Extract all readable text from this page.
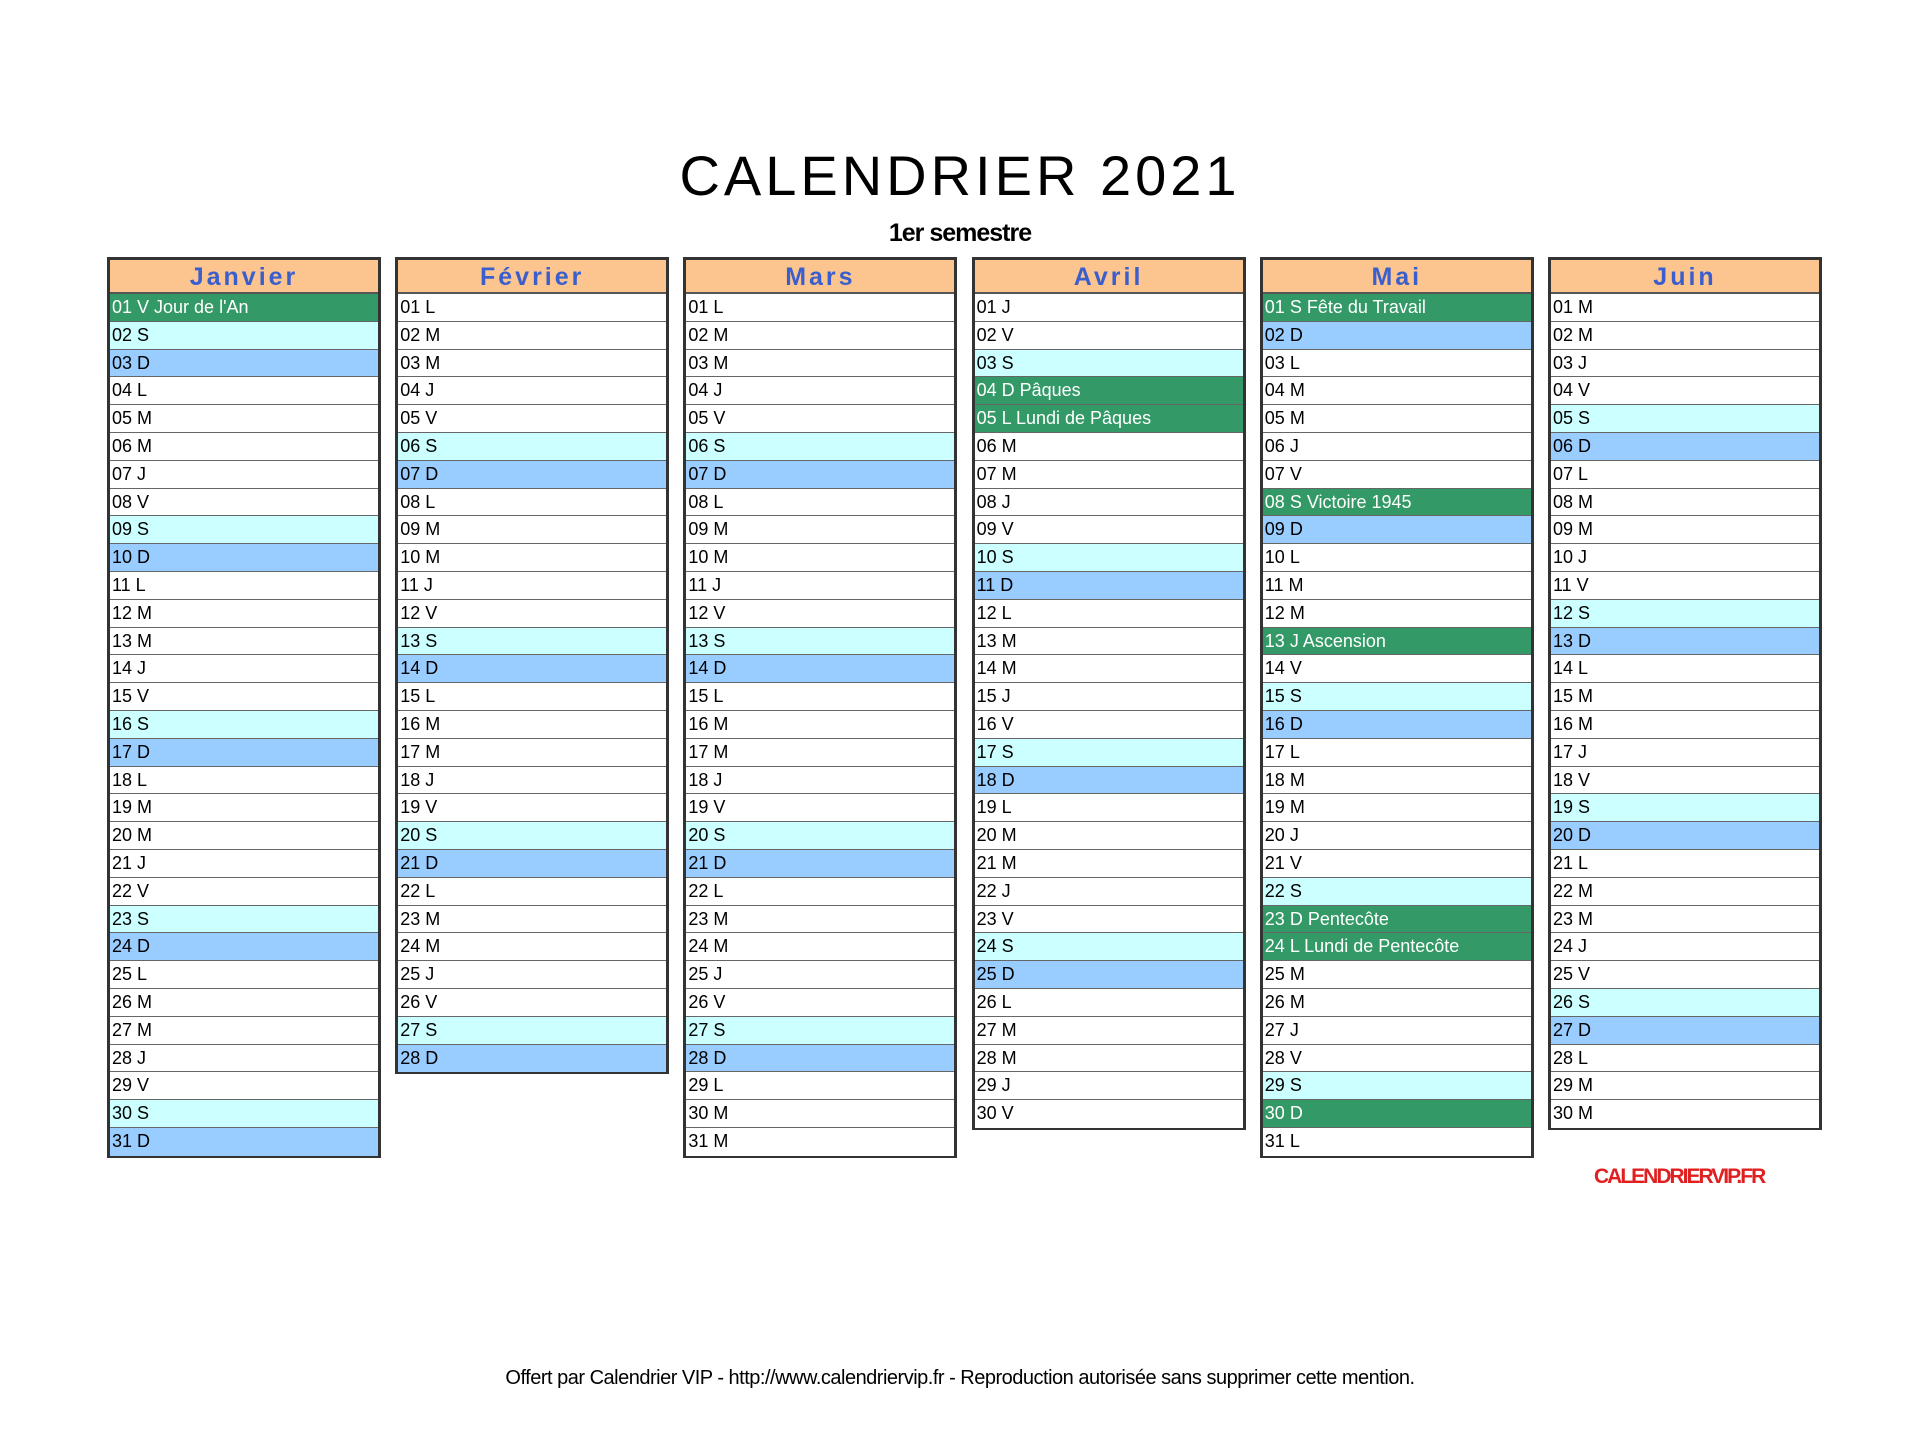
CALENDRIER 2021
1er semestre
Janvier
01 V Jour de l'An
02 S
03 D
04 L
05 M
06 M
07 J
08 V
09 S
10 D
11 L
12 M
13 M
14 J
15 V
16 S
17 D
18 L
19 M
20 M
21 J
22 V
23 S
24 D
25 L
26 M
27 M
28 J
29 V
30 S
31 D
Février
01 L
02 M
03 M
04 J
05 V
06 S
07 D
08 L
09 M
10 M
11 J
12 V
13 S
14 D
15 L
16 M
17 M
18 J
19 V
20 S
21 D
22 L
23 M
24 M
25 J
26 V
27 S
28 D
Mars
01 L
02 M
03 M
04 J
05 V
06 S
07 D
08 L
09 M
10 M
11 J
12 V
13 S
14 D
15 L
16 M
17 M
18 J
19 V
20 S
21 D
22 L
23 M
24 M
25 J
26 V
27 S
28 D
29 L
30 M
31 M
Avril
01 J
02 V
03 S
04 D Pâques
05 L Lundi de Pâques
06 M
07 M
08 J
09 V
10 S
11 D
12 L
13 M
14 M
15 J
16 V
17 S
18 D
19 L
20 M
21 M
22 J
23 V
24 S
25 D
26 L
27 M
28 M
29 J
30 V
Mai
01 S Fête du Travail
02 D
03 L
04 M
05 M
06 J
07 V
08 S Victoire 1945
09 D
10 L
11 M
12 M
13 J Ascension
14 V
15 S
16 D
17 L
18 M
19 M
20 J
21 V
22 S
23 D Pentecôte
24 L Lundi de Pentecôte
25 M
26 M
27 J
28 V
29 S
30 D
31 L
Juin
01 M
02 M
03 J
04 V
05 S
06 D
07 L
08 M
09 M
10 J
11 V
12 S
13 D
14 L
15 M
16 M
17 J
18 V
19 S
20 D
21 L
22 M
23 M
24 J
25 V
26 S
27 D
28 L
29 M
30 M
CALENDRIERVIP.FR
Offert par Calendrier VIP - http://www.calendriervip.fr - Reproduction autorisée sans supprimer cette mention.
